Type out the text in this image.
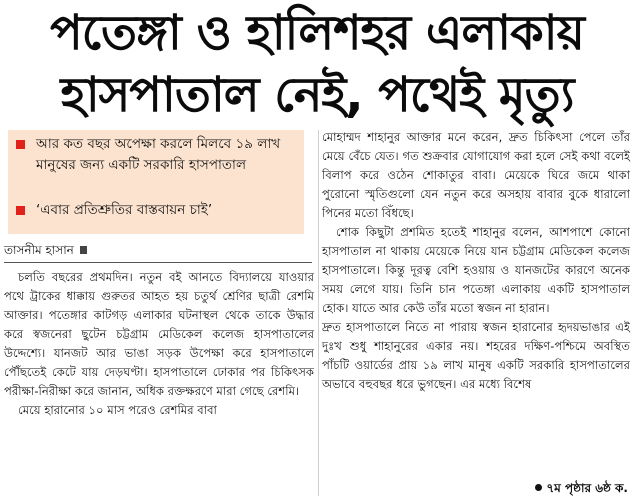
পতেঙ্গা ও হালিশহর এলাকায়
হাসপাতাল নেই, পথেই মৃত্যু
আর কত বছর অপেক্ষা করলে মিলবে ১৯ লাখ মানুষের জন্য একটি সরকারি হাসপাতাল
‘এবার প্রতিশ্রুতির বাস্তবায়ন চাই’
তাসনীম হাসান

চলতি বছরের প্রথমদিন। নতুন বই আনতে বিদ্যালয়ে যাওয়ার পথে ট্রাকের ধাক্কায় গুরুতর আহত হয় চতুর্থ শ্রেণির ছাত্রী রেশমি আক্তার। পতেঙ্গার কাটগড় এলাকার ঘটনাস্থল থেকে তাকে উদ্ধার করে স্বজনেরা ছুটেন চট্টগ্রাম মেডিকেল কলেজ হাসপাতালের উদ্দেশ্যে। যানজট আর ভাঙা সড়ক উপেক্ষা করে হাসপাতালে পৌঁছতেই কেটে যায় দেড়ঘণ্টা। হাসপাতালে ঢোকার পর চিকিৎসক পরীক্ষা-নিরীক্ষা করে জানান, অধিক রক্তক্ষরণে মারা গেছে রেশমি।

মেয়ে হারানোর ১০ মাস পরেও রেশমির বাবা

মোহাম্মদ শাহানুর আক্তার মনে করেন, দ্রুত চিকিৎসা পেলে তাঁর মেয়ে বেঁচে যেত। গত শুক্রবার যোগাযোগ করা হলে সেই কথা বলেই বিলাপ করে ওঠেন শোকাতুর বাবা। মেয়েকে ঘিরে জমে থাকা পুরোনো স্মৃতিগুলো যেন নতুন করে অসহায় বাবার বুকে ধারালো পিনের মতো বিঁধছে।

শোক কিছুটা প্রশমিত হতেই শাহানুর বলেন, আশপাশে কোনো হাসপাতাল না থাকায় মেয়েকে নিয়ে যান চট্টগ্রাম মেডিকেল কলেজ হাসপাতালে। কিন্তু দূরত্ব বেশি হওয়ায় ও যানজটের কারণে অনেক সময় লেগে যায়। তিনি চান পতেঙ্গা এলাকায় একটি হাসপাতাল হোক। যাতে আর কেউ তাঁর মতো স্বজন না হারান।

দ্রুত হাসপাতালে নিতে না পারায় স্বজন হারানোর হৃদয়ভাঙার এই দুঃখ শুধু শাহানুরের একার নয়। শহরের দক্ষিণ-পশ্চিমে অবস্থিত পাঁচটি ওয়ার্ডের প্রায় ১৯ লাখ মানুষ একটি সরকারি হাসপাতালের অভাবে বহুবছর ধরে ভুগছেন। এর মধ্যে বিশেষ

৭ম পৃষ্ঠার ৬ষ্ঠ ক.
